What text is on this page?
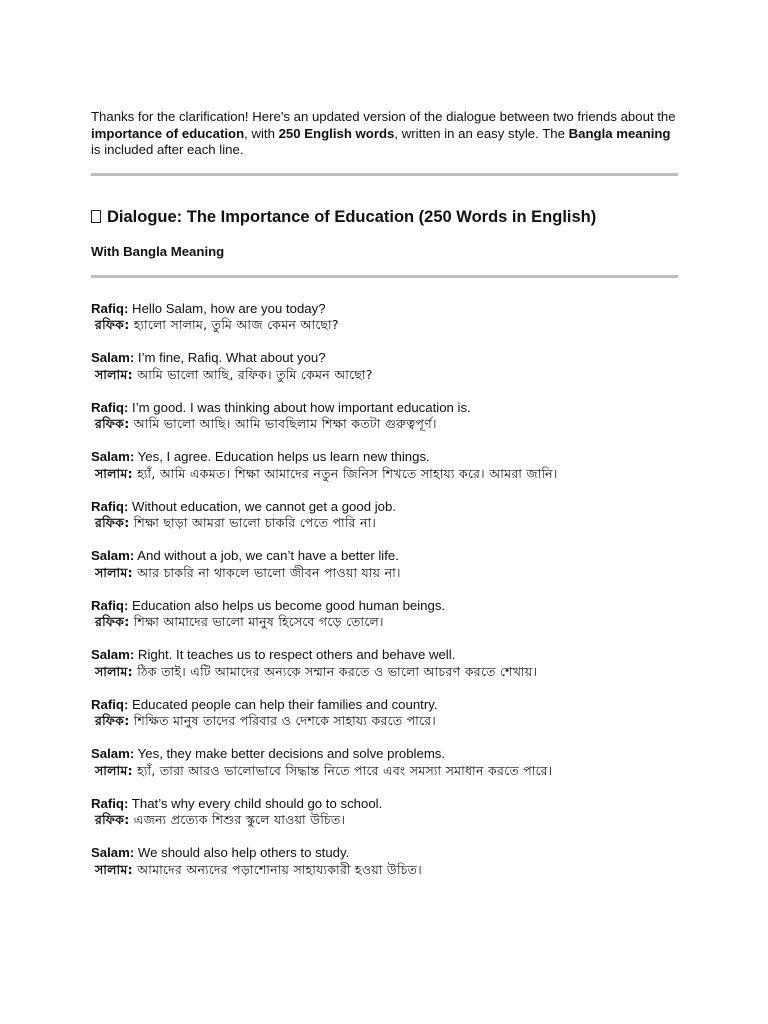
Thanks for the clarification! Here's an updated version of the dialogue between two friends about the importance of education, with 250 English words, written in an easy style. The Bangla meaning is included after each line.

Dialogue: The Importance of Education (250 Words in English)
With Bangla Meaning
Rafiq: Hello Salam, how are you today?
রফিক: হ্যালো সালাম, তুমি আজ কেমন আছো?
Salam: I’m fine, Rafiq. What about you?
সালাম: আমি ভালো আছি, রফিক। তুমি কেমন আছো?
Rafiq: I’m good. I was thinking about how important education is.
রফিক: আমি ভালো আছি। আমি ভাবছিলাম শিক্ষা কতটা গুরুত্বপূর্ণ।
Salam: Yes, I agree. Education helps us learn new things.
সালাম: হ্যাঁ, আমি একমত। শিক্ষা আমাদের নতুন জিনিস শিখতে সাহায্য করে। আমরা জানি।
Rafiq: Without education, we cannot get a good job.
রফিক: শিক্ষা ছাড়া আমরা ভালো চাকরি পেতে পারি না।
Salam: And without a job, we can’t have a better life.
সালাম: আর চাকরি না থাকলে ভালো জীবন পাওয়া যায় না।
Rafiq: Education also helps us become good human beings.
রফিক: শিক্ষা আমাদের ভালো মানুষ হিসেবে গড়ে তোলে।
Salam: Right. It teaches us to respect others and behave well.
সালাম: ঠিক তাই। এটি আমাদের অন্যকে সম্মান করতে ও ভালো আচরণ করতে শেখায়।
Rafiq: Educated people can help their families and country.
রফিক: শিক্ষিত মানুষ তাদের পরিবার ও দেশকে সাহায্য করতে পারে।
Salam: Yes, they make better decisions and solve problems.
সালাম: হ্যাঁ, তারা আরও ভালোভাবে সিদ্ধান্ত নিতে পারে এবং সমস্যা সমাধান করতে পারে।
Rafiq: That’s why every child should go to school.
রফিক: এজন্য প্রত্যেক শিশুর স্কুলে যাওয়া উচিত।
Salam: We should also help others to study.
সালাম: আমাদের অন্যদের পড়াশোনায় সাহায্যকারী হওয়া উচিত।
